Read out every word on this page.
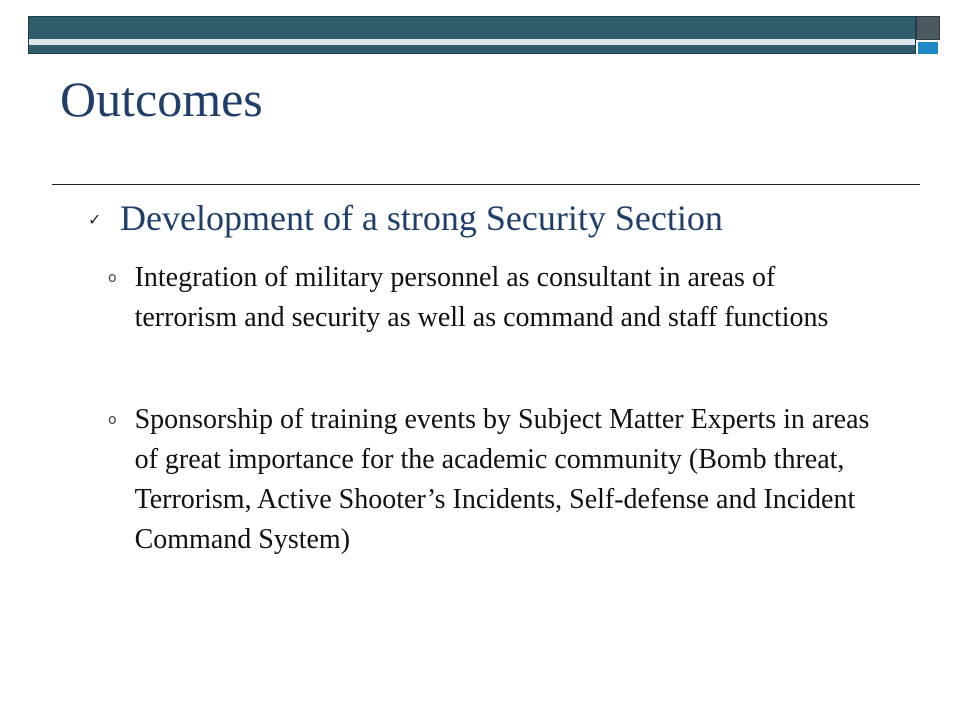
Outcomes
✓ Development of a strong Security Section
o Integration of military personnel as consultant in areas of terrorism and security as well as command and staff functions
o Sponsorship of training events by Subject Matter Experts in areas of great importance for the academic community (Bomb threat, Terrorism, Active Shooter’s Incidents, Self-defense and Incident Command System)
